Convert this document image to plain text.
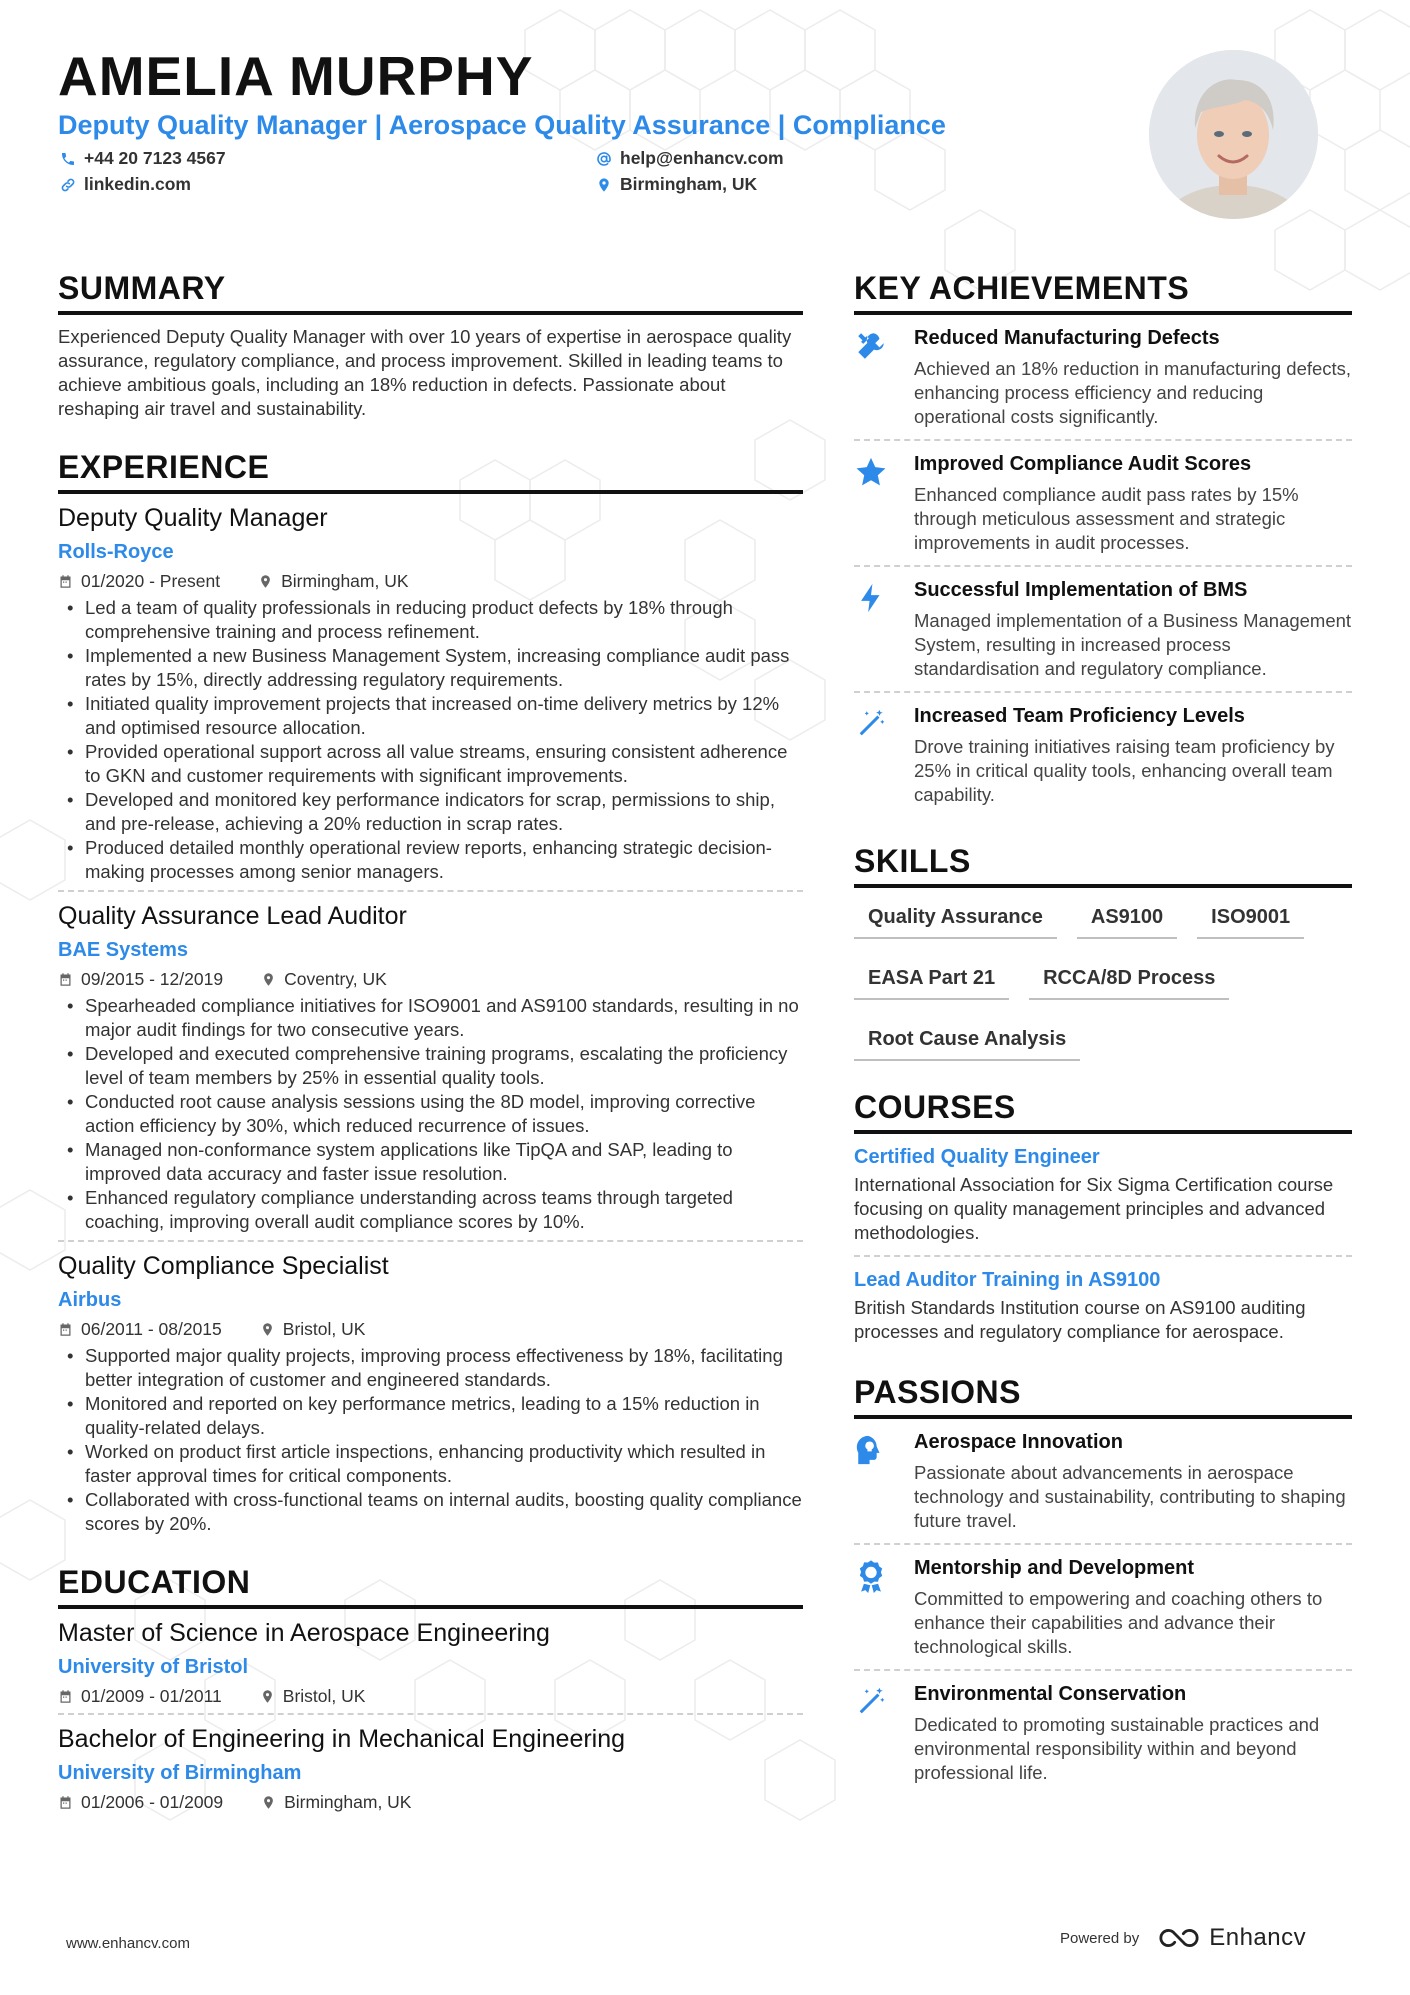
AMELIA MURPHY
Deputy Quality Manager | Aerospace Quality Assurance | Compliance
+44 20 7123 4567
linkedin.com
help@enhancv.com
Birmingham, UK
SUMMARY
Experienced Deputy Quality Manager with over 10 years of expertise in aerospace quality assurance, regulatory compliance, and process improvement. Skilled in leading teams to achieve ambitious goals, including an 18% reduction in defects. Passionate about reshaping air travel and sustainability.
EXPERIENCE
Deputy Quality Manager
Rolls-Royce
01/2020 - Present	Birmingham, UK
• Led a team of quality professionals in reducing product defects by 18% through comprehensive training and process refinement.
• Implemented a new Business Management System, increasing compliance audit pass rates by 15%, directly addressing regulatory requirements.
• Initiated quality improvement projects that increased on-time delivery metrics by 12% and optimised resource allocation.
• Provided operational support across all value streams, ensuring consistent adherence to GKN and customer requirements with significant improvements.
• Developed and monitored key performance indicators for scrap, permissions to ship, and pre-release, achieving a 20% reduction in scrap rates.
• Produced detailed monthly operational review reports, enhancing strategic decision-making processes among senior managers.
Quality Assurance Lead Auditor
BAE Systems
09/2015 - 12/2019	Coventry, UK
• Spearheaded compliance initiatives for ISO9001 and AS9100 standards, resulting in no major audit findings for two consecutive years.
• Developed and executed comprehensive training programs, escalating the proficiency level of team members by 25% in essential quality tools.
• Conducted root cause analysis sessions using the 8D model, improving corrective action efficiency by 30%, which reduced recurrence of issues.
• Managed non-conformance system applications like TipQA and SAP, leading to improved data accuracy and faster issue resolution.
• Enhanced regulatory compliance understanding across teams through targeted coaching, improving overall audit compliance scores by 10%.
Quality Compliance Specialist
Airbus
06/2011 - 08/2015	Bristol, UK
• Supported major quality projects, improving process effectiveness by 18%, facilitating better integration of customer and engineered standards.
• Monitored and reported on key performance metrics, leading to a 15% reduction in quality-related delays.
• Worked on product first article inspections, enhancing productivity which resulted in faster approval times for critical components.
• Collaborated with cross-functional teams on internal audits, boosting quality compliance scores by 20%.
EDUCATION
Master of Science in Aerospace Engineering
University of Bristol
01/2009 - 01/2011	Bristol, UK
Bachelor of Engineering in Mechanical Engineering
University of Birmingham
01/2006 - 01/2009	Birmingham, UK
KEY ACHIEVEMENTS
Reduced Manufacturing Defects
Achieved an 18% reduction in manufacturing defects, enhancing process efficiency and reducing operational costs significantly.
Improved Compliance Audit Scores
Enhanced compliance audit pass rates by 15% through meticulous assessment and strategic improvements in audit processes.
Successful Implementation of BMS
Managed implementation of a Business Management System, resulting in increased process standardisation and regulatory compliance.
Increased Team Proficiency Levels
Drove training initiatives raising team proficiency by 25% in critical quality tools, enhancing overall team capability.
SKILLS
Quality Assurance	AS9100	ISO9001
EASA Part 21	RCCA/8D Process
Root Cause Analysis
COURSES
Certified Quality Engineer
International Association for Six Sigma Certification course focusing on quality management principles and advanced methodologies.
Lead Auditor Training in AS9100
British Standards Institution course on AS9100 auditing processes and regulatory compliance for aerospace.
PASSIONS
Aerospace Innovation
Passionate about advancements in aerospace technology and sustainability, contributing to shaping future travel.
Mentorship and Development
Committed to empowering and coaching others to enhance their capabilities and advance their technological skills.
Environmental Conservation
Dedicated to promoting sustainable practices and environmental responsibility within and beyond professional life.
www.enhancv.com	Powered by	Enhancv
